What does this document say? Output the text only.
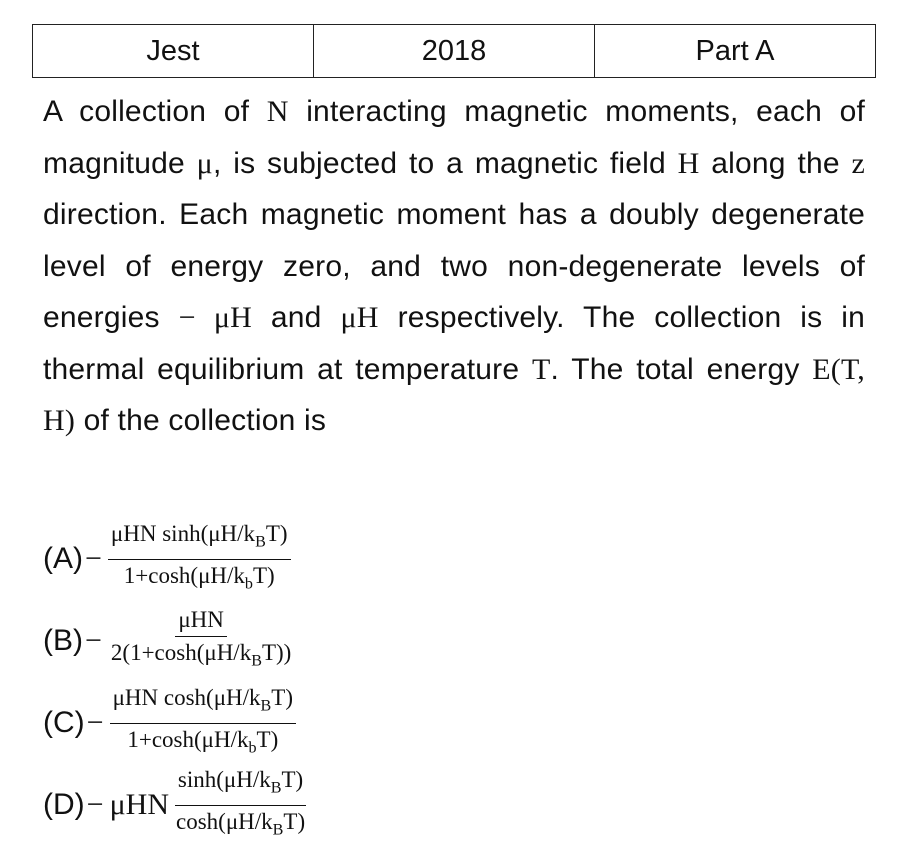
Jest	2018	Part A

A collection of N interacting magnetic moments, each of magnitude μ, is subjected to a magnetic field H along the z direction. Each magnetic moment has a doubly degenerate level of energy zero, and two non-degenerate levels of energies − μH and μH respectively. The collection is in thermal equilibrium at temperature T. The total energy E(T, H) of the collection is

$(A) - \frac{\mu HN \sinh(\mu H/k_BT)}{1+\cosh(\mu H/k_bT)}$
$(B) - \frac{\text{μHN}}{2(1+\cosh(\mu H/k_BT))}$
$(C) - \frac{\mu HN \cosh(\mu H/k_BT)}{1+\cosh(\mu H/k_bT)}$
(D) − μHN $\frac{\sinh(\mu H/k_BT)}{\cosh(\mu H/k_BT)}$
